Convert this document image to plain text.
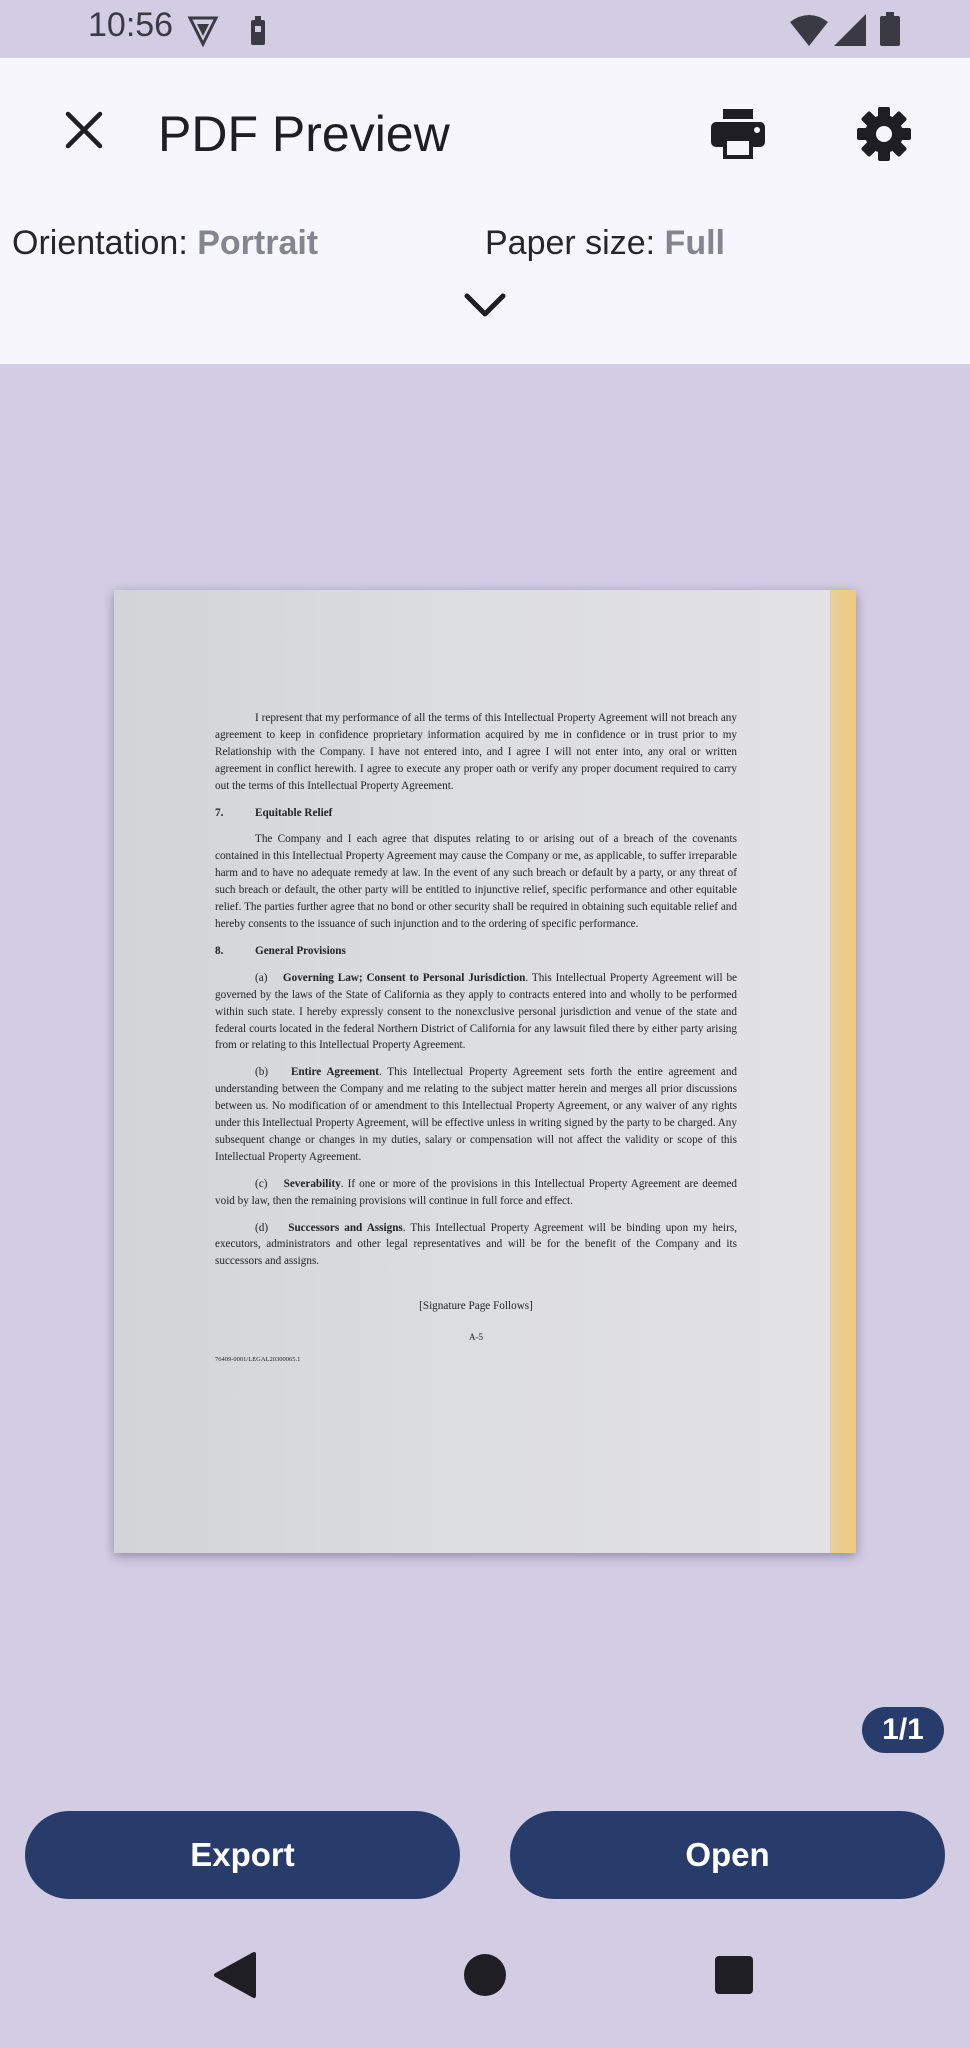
10:56
PDF Preview
Orientation: Portrait	Paper size: Full

I represent that my performance of all the terms of this Intellectual Property Agreement will not breach any agreement to keep in confidence proprietary information acquired by me in confidence or in trust prior to my Relationship with the Company. I have not entered into, and I agree I will not enter into, any oral or written agreement in conflict herewith. I agree to execute any proper oath or verify any proper document required to carry out the terms of this Intellectual Property Agreement.

7.	Equitable Relief

The Company and I each agree that disputes relating to or arising out of a breach of the covenants contained in this Intellectual Property Agreement may cause the Company or me, as applicable, to suffer irreparable harm and to have no adequate remedy at law. In the event of any such breach or default by a party, or any threat of such breach or default, the other party will be entitled to injunctive relief, specific performance and other equitable relief. The parties further agree that no bond or other security shall be required in obtaining such equitable relief and hereby consents to the issuance of such injunction and to the ordering of specific performance.

8.	General Provisions

(a) Governing Law; Consent to Personal Jurisdiction. This Intellectual Property Agreement will be governed by the laws of the State of California as they apply to contracts entered into and wholly to be performed within such state. I hereby expressly consent to the nonexclusive personal jurisdiction and venue of the state and federal courts located in the federal Northern District of California for any lawsuit filed there by either party arising from or relating to this Intellectual Property Agreement.

(b) Entire Agreement. This Intellectual Property Agreement sets forth the entire agreement and understanding between the Company and me relating to the subject matter herein and merges all prior discussions between us. No modification of or amendment to this Intellectual Property Agreement, or any waiver of any rights under this Intellectual Property Agreement, will be effective unless in writing signed by the party to be charged. Any subsequent change or changes in my duties, salary or compensation will not affect the validity or scope of this Intellectual Property Agreement.

(c) Severability. If one or more of the provisions in this Intellectual Property Agreement are deemed void by law, then the remaining provisions will continue in full force and effect.

(d) Successors and Assigns. This Intellectual Property Agreement will be binding upon my heirs, executors, administrators and other legal representatives and will be for the benefit of the Company and its successors and assigns.

[Signature Page Follows]
A-5
76409-0001/LEGAL20300065.1
1/1
Export	Open
